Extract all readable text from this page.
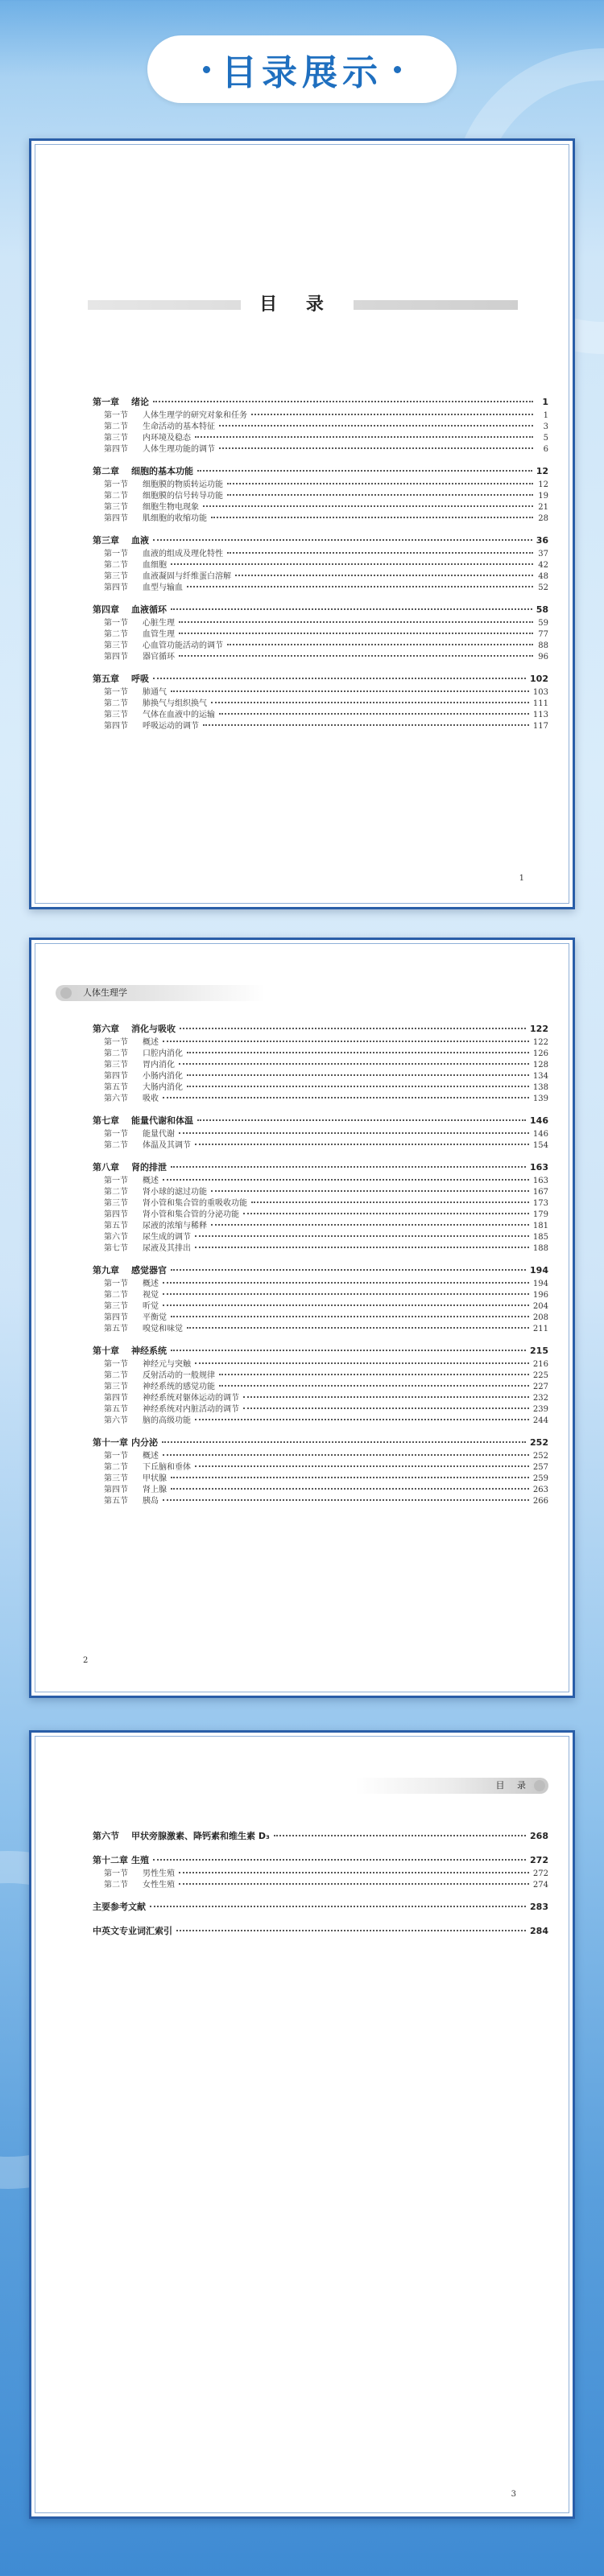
目录展示
目 录
第一章	绪论	1
第一节	人体生理学的研究对象和任务	1
第二节	生命活动的基本特征	3
第三节	内环境及稳态	5
第四节	人体生理功能的调节	6
第二章	细胞的基本功能	12
第一节	细胞膜的物质转运功能	12
第二节	细胞膜的信号转导功能	19
第三节	细胞生物电现象	21
第四节	肌细胞的收缩功能	28
第三章	血液	36
第一节	血液的组成及理化特性	37
第二节	血细胞	42
第三节	血液凝固与纤维蛋白溶解	48
第四节	血型与输血	52
第四章	血液循环	58
第一节	心脏生理	59
第二节	血管生理	77
第三节	心血管功能活动的调节	88
第四节	器官循环	96
第五章	呼吸	102
第一节	肺通气	103
第二节	肺换气与组织换气	111
第三节	气体在血液中的运输	113
第四节	呼吸运动的调节	117
1
人体生理学
第六章	消化与吸收	122
第一节	概述	122
第二节	口腔内消化	126
第三节	胃内消化	128
第四节	小肠内消化	134
第五节	大肠内消化	138
第六节	吸收	139
第七章	能量代谢和体温	146
第一节	能量代谢	146
第二节	体温及其调节	154
第八章	肾的排泄	163
第一节	概述	163
第二节	肾小球的滤过功能	167
第三节	肾小管和集合管的重吸收功能	173
第四节	肾小管和集合管的分泌功能	179
第五节	尿液的浓缩与稀释	181
第六节	尿生成的调节	185
第七节	尿液及其排出	188
第九章	感觉器官	194
第一节	概述	194
第二节	视觉	196
第三节	听觉	204
第四节	平衡觉	208
第五节	嗅觉和味觉	211
第十章	神经系统	215
第一节	神经元与突触	216
第二节	反射活动的一般规律	225
第三节	神经系统的感觉功能	227
第四节	神经系统对躯体运动的调节	232
第五节	神经系统对内脏活动的调节	239
第六节	脑的高级功能	244
第十一章 内分泌	252
第一节	概述	252
第二节	下丘脑和垂体	257
第三节	甲状腺	259
第四节	肾上腺	263
第五节	胰岛	266
2
目 录
第六节	甲状旁腺激素、降钙素和维生素 D₃	268
第十二章 生殖	272
第一节	男性生殖	272
第二节	女性生殖	274
主要参考文献	283
中英文专业词汇索引	284
3
